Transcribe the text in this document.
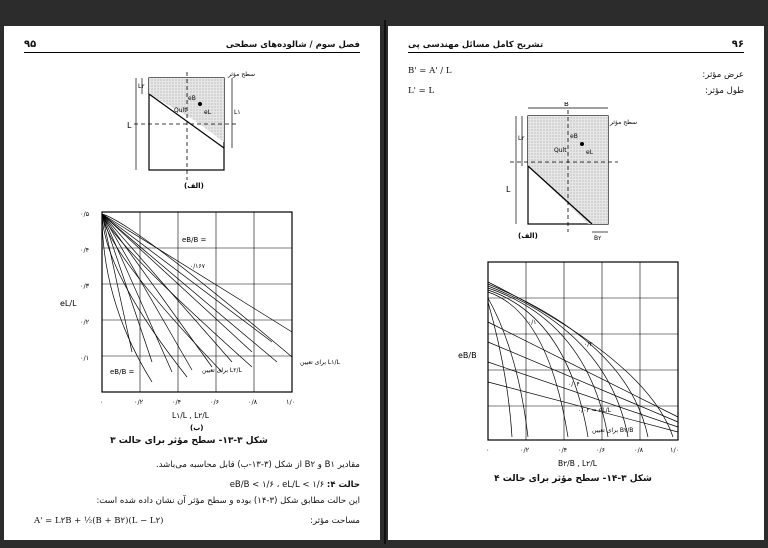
۹۵	فصل سوم / شالوده‌های سطحی
L
L۲
L۱
eB
eL
Qult
سطح مؤثر
(الف)
eB/B =
eB/B =
۰/۱۶۷
برای تعیین L۲/L
برای تعیین L۱/L
eL/L
۰/۵
۰/۴
۰/۳
۰/۲
۰/۱
۰	۰/۲	۰/۴	۰/۶	۰/۸	۱/۰
L۱/L , L۲/L
(ب)
شکل ۳-۱۳- سطح مؤثر برای حالت ۳
مقادیر B۱ و B۲ از شکل (۳-۱۳-ب) قابل محاسبه می‌باشد.
حالت ۴: eB/B < ۱/۶ ، eL/L < ۱/۶
این حالت مطابق شکل (۳-۱۴) بوده و سطح مؤثر آن نشان داده شده است:
مساحت مؤثر:
A' = L۲B + ½(B + B۲)(L − L۲)
۹۶
تشریح کامل مسائل مهندسی پی
عرض مؤثر:
B' = A' / L
طول مؤثر:
L' = L
B
L
L۲
B۲
eB
eL
Qult
سطح مؤثر
(الف)
eB/B
۰/۱
۰/۲
۰/۰۲ = eL/L
۰/۰۴
برای تعیین B۲/B
۰	۰/۲	۰/۴	۰/۶	۰/۸	۱/۰
B۲/B , L۲/L
شکل ۳-۱۴- سطح مؤثر برای حالت ۴
